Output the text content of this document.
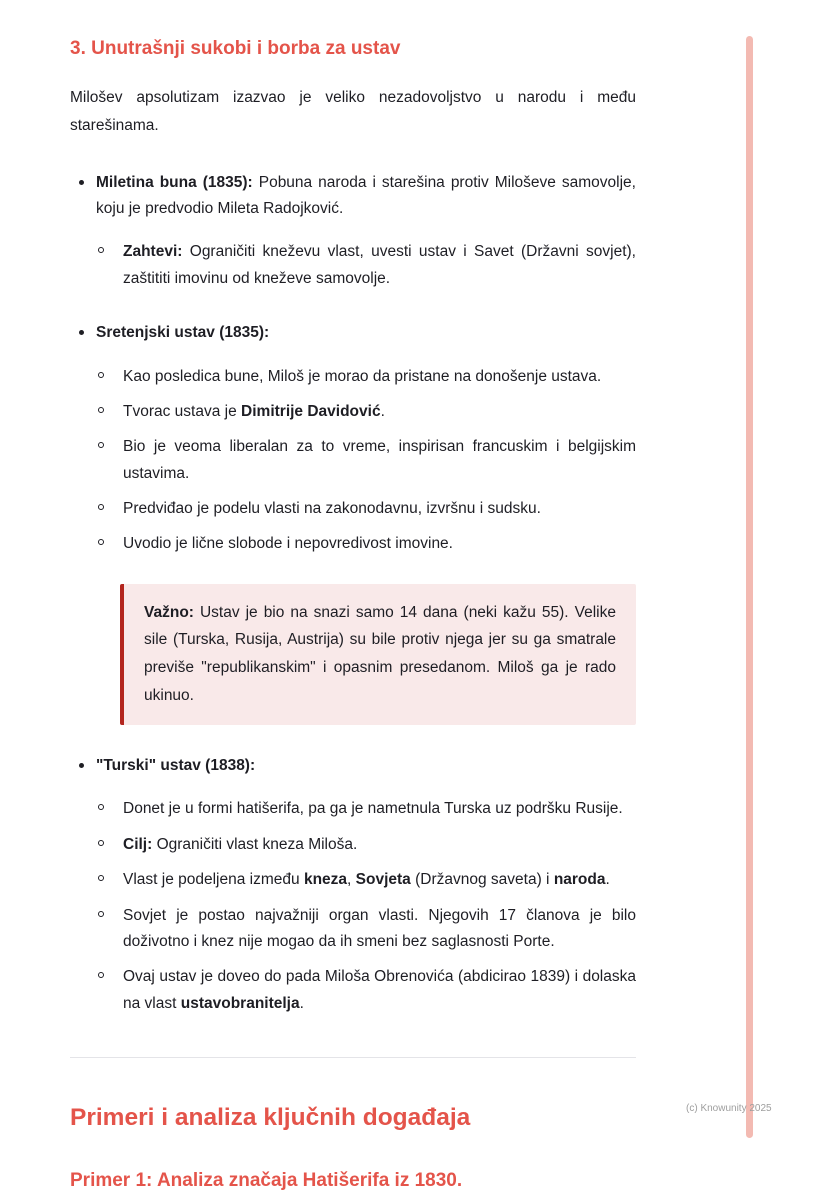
3. Unutrašnji sukobi i borba za ustav

Milošev apsolutizam izazvao je veliko nezadovoljstvo u narodu i među starešinama.

Miletina buna (1835): Pobuna naroda i starešina protiv Miloševe samovolje, koju je predvodio Mileta Radojković.
Zahtevi: Ograničiti kneževu vlast, uvesti ustav i Savet (Državni sovjet), zaštititi imovinu od kneževe samovolje.
Sretenjski ustav (1835):
Kao posledica bune, Miloš je morao da pristane na donošenje ustava.
Tvorac ustava je Dimitrije Davidović.
Bio je veoma liberalan za to vreme, inspirisan francuskim i belgijskim ustavima.
Predviđao je podelu vlasti na zakonodavnu, izvršnu i sudsku.
Uvodio je lične slobode i nepovredivost imovine.
Važno: Ustav je bio na snazi samo 14 dana (neki kažu 55). Velike sile (Turska, Rusija, Austrija) su bile protiv njega jer su ga smatrale previše "republikanskim" i opasnim presedanom. Miloš ga je rado ukinuo.
"Turski" ustav (1838):
Donet je u formi hatišerifa, pa ga je nametnula Turska uz podršku Rusije.
Cilj: Ograničiti vlast kneza Miloša.
Vlast je podeljena između kneza, Sovjeta (Državnog saveta) i naroda.
Sovjet je postao najvažniji organ vlasti. Njegovih 17 članova je bilo doživotno i knez nije mogao da ih smeni bez saglasnosti Porte.
Ovaj ustav je doveo do pada Miloša Obrenovića (abdicirao 1839) i dolaska na vlast ustavobranitelja.
Primeri i analiza ključnih događaja
Primer 1: Analiza značaja Hatišerifa iz 1830.
(c) Knowunity 2025
